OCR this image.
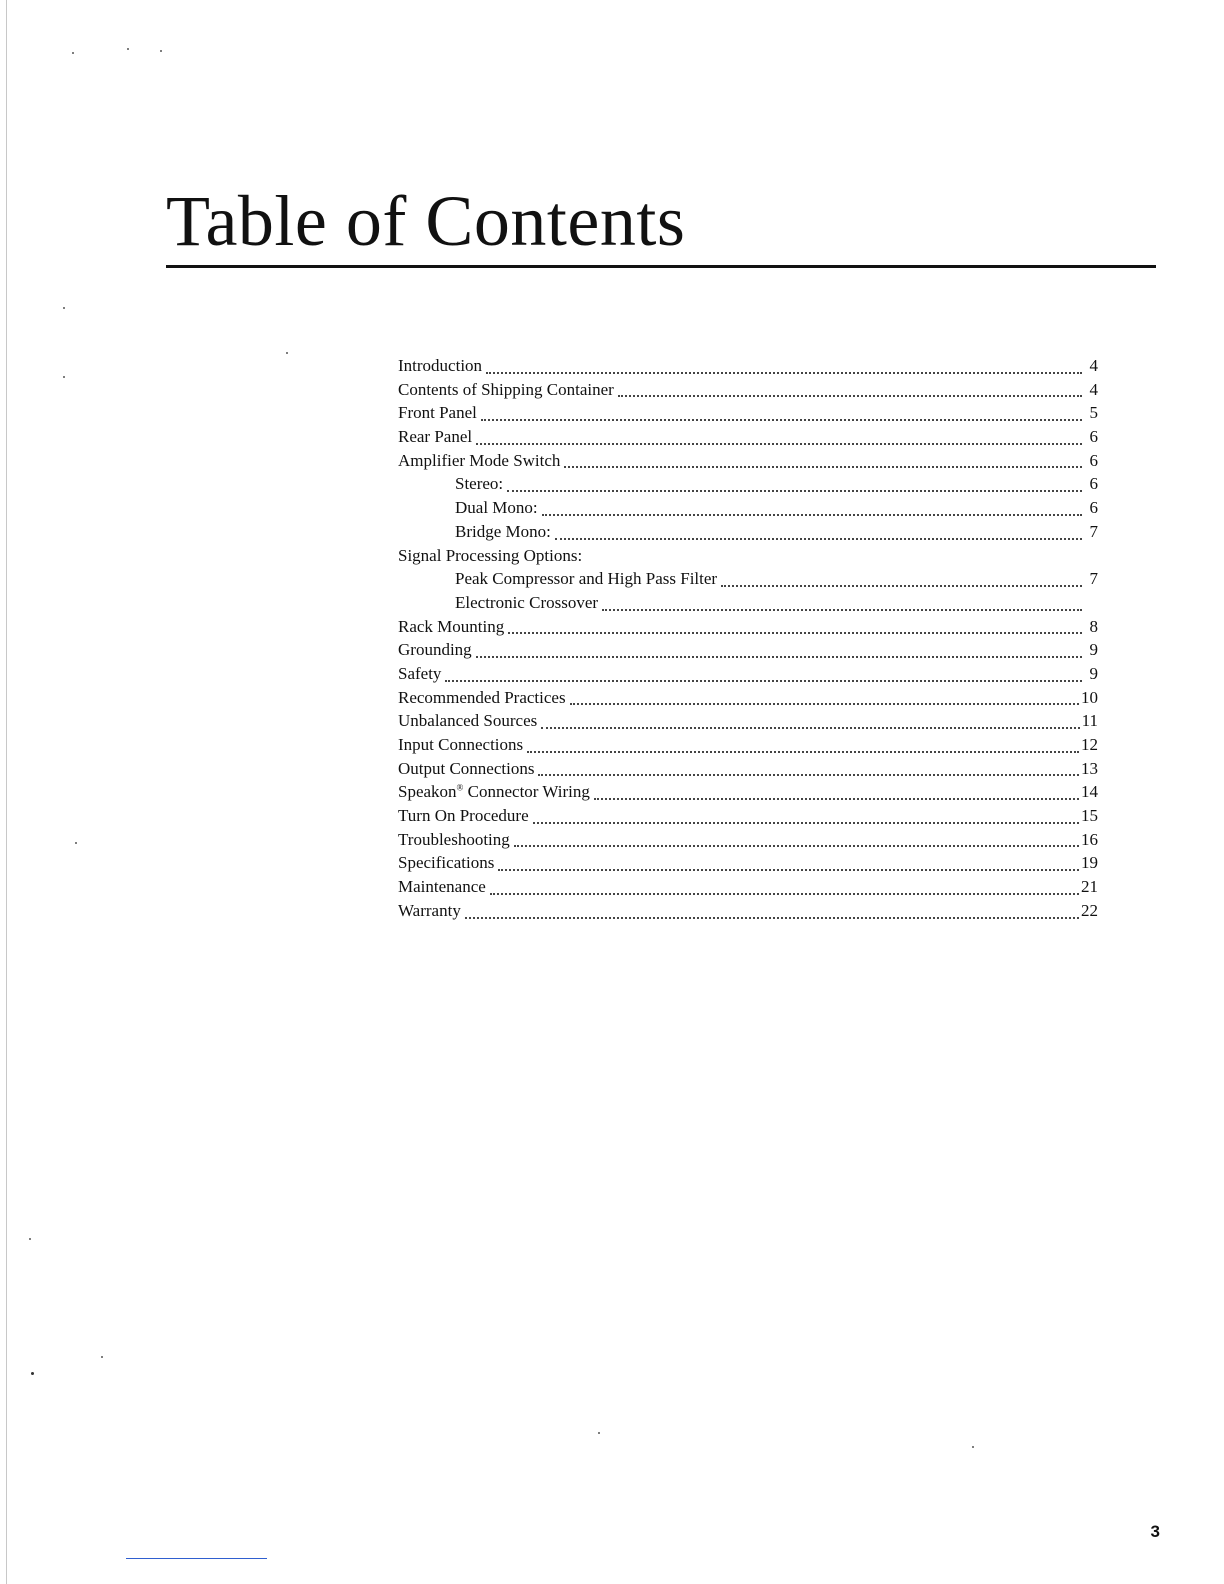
Table of Contents
Introduction	4
Contents of Shipping Container	4
Front Panel	5
Rear Panel	6
Amplifier Mode Switch	6
Stereo:	6
Dual Mono:	6
Bridge Mono:	7
Signal Processing Options:
Peak Compressor and High Pass Filter	7
Electronic Crossover
Rack Mounting	8
Grounding	9
Safety	9
Recommended Practices	10
Unbalanced Sources	11
Input Connections	12
Output Connections	13
Speakon® Connector Wiring	14
Turn On Procedure	15
Troubleshooting	16
Specifications	19
Maintenance	21
Warranty	22
3
